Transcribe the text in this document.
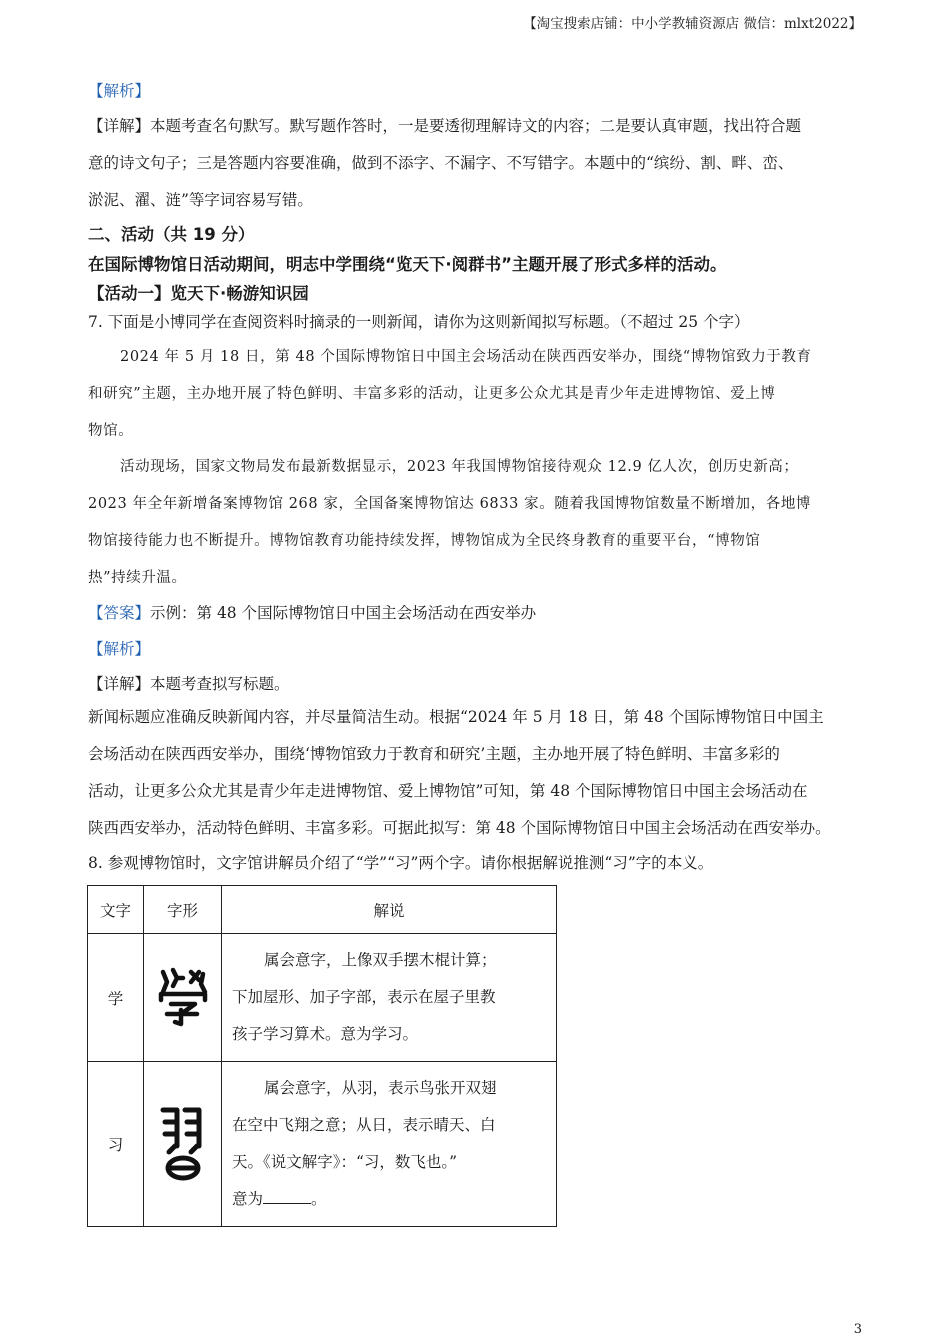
【淘宝搜索店铺：中小学教辅资源店 微信：mlxt2022】
【解析】
【详解】本题考查名句默写。默写题作答时，一是要透彻理解诗文的内容；二是要认真审题，找出符合题
意的诗文句子；三是答题内容要准确，做到不添字、不漏字、不写错字。本题中的“缤纷、割、畔、峦、
淤泥、濯、涟”等字词容易写错。
二、活动（共 19 分）
在国际博物馆日活动期间，明志中学围绕“览天下·阅群书”主题开展了形式多样的活动。
【活动一】览天下·畅游知识园
7. 下面是小博同学在查阅资料时摘录的一则新闻，请你为这则新闻拟写标题。（不超过 25 个字）
2024 年 5 月 18 日，第 48 个国际博物馆日中国主会场活动在陕西西安举办，围绕“博物馆致力于教育
和研究”主题，主办地开展了特色鲜明、丰富多彩的活动，让更多公众尤其是青少年走进博物馆、爱上博
物馆。
活动现场，国家文物局发布最新数据显示，2023 年我国博物馆接待观众 12.9 亿人次，创历史新高；
2023 年全年新增备案博物馆 268 家，全国备案博物馆达 6833 家。随着我国博物馆数量不断增加，各地博
物馆接待能力也不断提升。博物馆教育功能持续发挥，博物馆成为全民终身教育的重要平台，“博物馆
热”持续升温。
【答案】示例：第 48 个国际博物馆日中国主会场活动在西安举办
【解析】
【详解】本题考查拟写标题。
新闻标题应准确反映新闻内容，并尽量简洁生动。根据“2024 年 5 月 18 日，第 48 个国际博物馆日中国主
会场活动在陕西西安举办，围绕‘博物馆致力于教育和研究’主题，主办地开展了特色鲜明、丰富多彩的
活动，让更多公众尤其是青少年走进博物馆、爱上博物馆”可知，第 48 个国际博物馆日中国主会场活动在
陕西西安举办，活动特色鲜明、丰富多彩。可据此拟写：第 48 个国际博物馆日中国主会场活动在西安举办。
8. 参观博物馆时，文字馆讲解员介绍了“学”“习”两个字。请你根据解说推测“习”字的本义。
文字	字形	解说
学		属会意字，上像双手摆木棍计算；

下加屋形、加子字部，表示在屋子里教

孩子学习算术。意为学习。

习		属会意字，从羽，表示鸟张开双翅

在空中飞翔之意；从日，表示晴天、白

天。《说文解字》：“习，数飞也。”

意为 。

3
